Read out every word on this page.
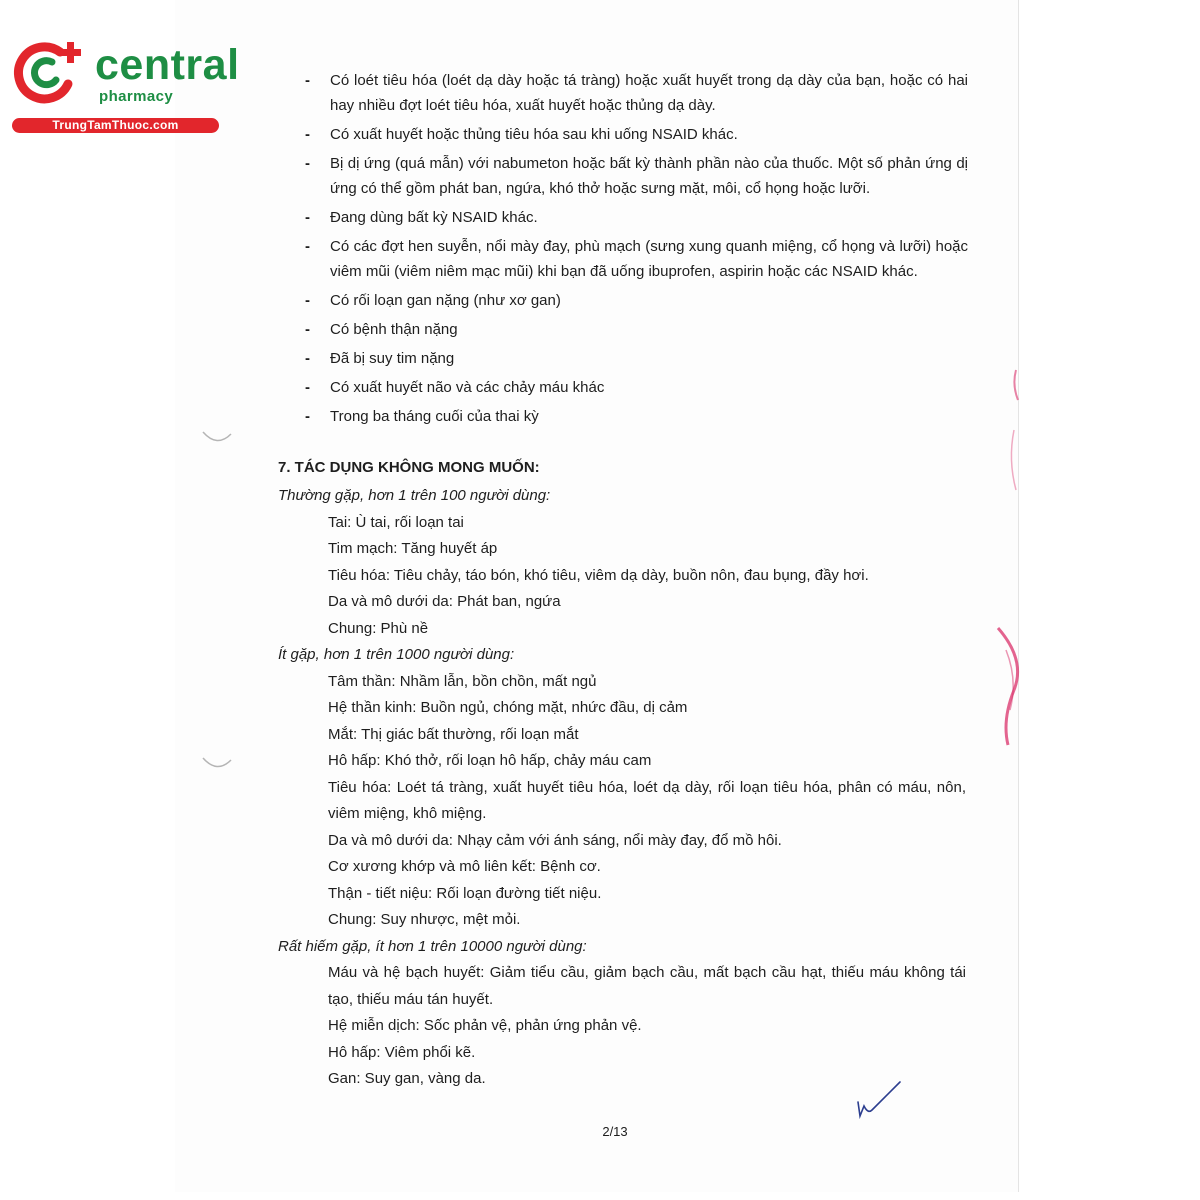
central
pharmacy
TrungTamThuoc.com
- Có loét tiêu hóa (loét dạ dày hoặc tá tràng) hoặc xuất huyết trong dạ dày của bạn, hoặc có hai hay nhiều đợt loét tiêu hóa, xuất huyết hoặc thủng dạ dày.
- Có xuất huyết hoặc thủng tiêu hóa sau khi uống NSAID khác.
- Bị dị ứng (quá mẫn) với nabumeton hoặc bất kỳ thành phần nào của thuốc. Một số phản ứng dị ứng có thể gồm phát ban, ngứa, khó thở hoặc sưng mặt, môi, cổ họng hoặc lưỡi.
- Đang dùng bất kỳ NSAID khác.
- Có các đợt hen suyễn, nổi mày đay, phù mạch (sưng xung quanh miệng, cổ họng và lưỡi) hoặc viêm mũi (viêm niêm mạc mũi) khi bạn đã uống ibuprofen, aspirin hoặc các NSAID khác.
- Có rối loạn gan nặng (như xơ gan)
- Có bệnh thận nặng
- Đã bị suy tim nặng
- Có xuất huyết não và các chảy máu khác
- Trong ba tháng cuối của thai kỳ
7. TÁC DỤNG KHÔNG MONG MUỐN:
Thường gặp, hơn 1 trên 100 người dùng:
Tai: Ù tai, rối loạn tai
Tim mạch: Tăng huyết áp
Tiêu hóa: Tiêu chảy, táo bón, khó tiêu, viêm dạ dày, buồn nôn, đau bụng, đầy hơi.
Da và mô dưới da: Phát ban, ngứa
Chung: Phù nề
Ít gặp, hơn 1 trên 1000 người dùng:
Tâm thần: Nhầm lẫn, bồn chồn, mất ngủ
Hệ thần kinh: Buồn ngủ, chóng mặt, nhức đầu, dị cảm
Mắt: Thị giác bất thường, rối loạn mắt
Hô hấp: Khó thở, rối loạn hô hấp, chảy máu cam
Tiêu hóa: Loét tá tràng, xuất huyết tiêu hóa, loét dạ dày, rối loạn tiêu hóa, phân có máu, nôn, viêm miệng, khô miệng.
Da và mô dưới da: Nhạy cảm với ánh sáng, nổi mày đay, đổ mồ hôi.
Cơ xương khớp và mô liên kết: Bệnh cơ.
Thận - tiết niệu: Rối loạn đường tiết niệu.
Chung: Suy nhược, mệt mỏi.
Rất hiếm gặp, ít hơn 1 trên 10000 người dùng:
Máu và hệ bạch huyết: Giảm tiểu cầu, giảm bạch cầu, mất bạch cầu hạt, thiếu máu không tái tạo, thiếu máu tán huyết.
Hệ miễn dịch: Sốc phản vệ, phản ứng phản vệ.
Hô hấp: Viêm phổi kẽ.
Gan: Suy gan, vàng da.
2/13
